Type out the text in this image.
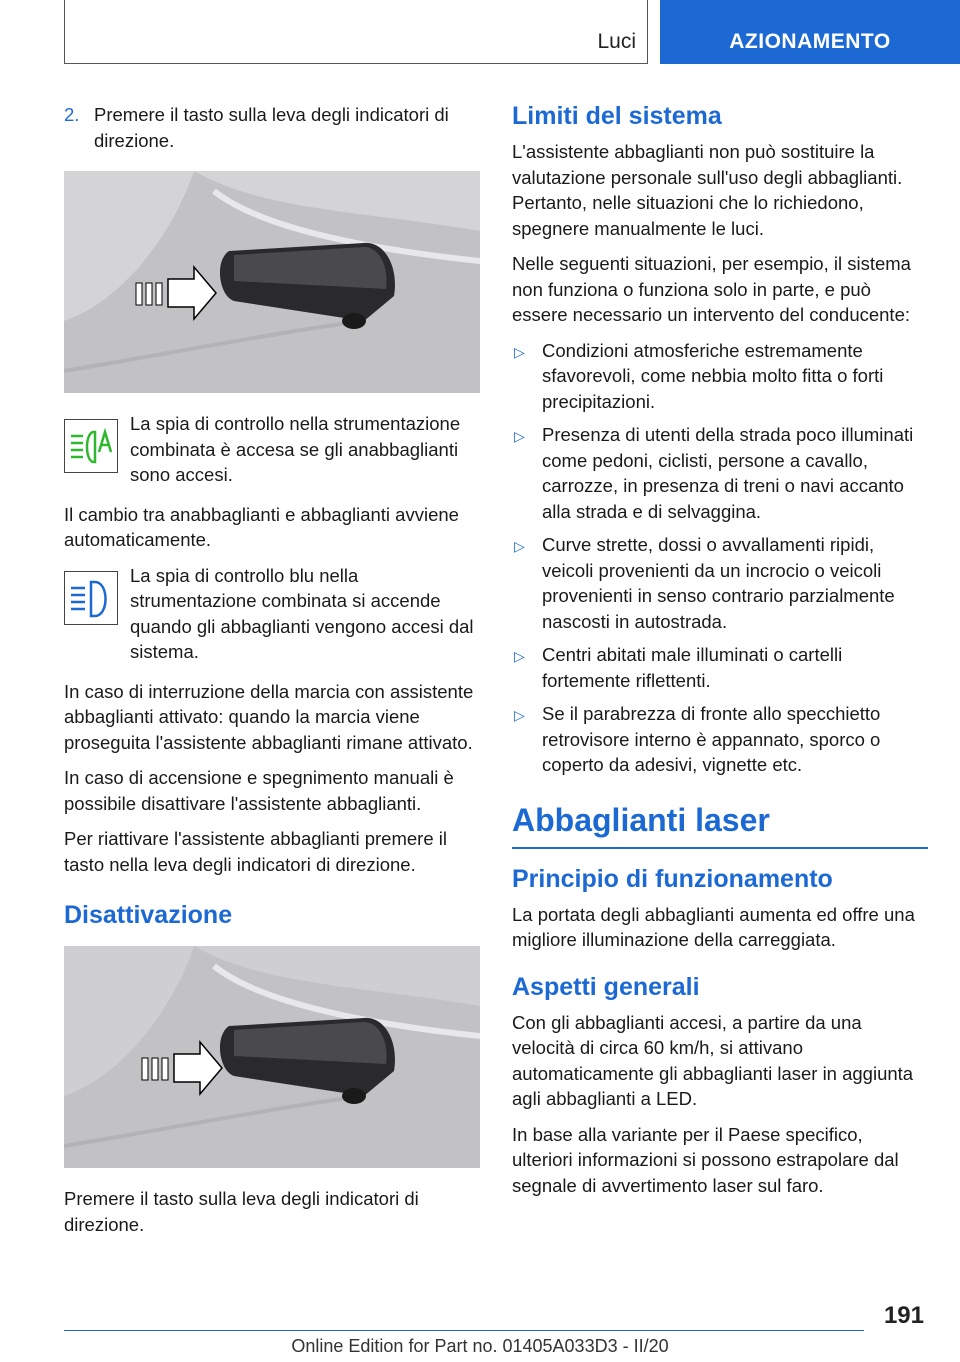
Luci	AZIONAMENTO
2. Premere il tasto sulla leva degli indicatori di direzione.
La spia di controllo nella strumentazione combinata è accesa se gli anabbaglianti sono accesi.

Il cambio tra anabbaglianti e abbaglianti avviene automaticamente.

La spia di controllo blu nella strumentazione combinata si accende quando gli abbaglianti vengono accesi dal sistema.

In caso di interruzione della marcia con assistente abbaglianti attivato: quando la marcia viene proseguita l'assistente abbaglianti rimane attivato.

In caso di accensione e spegnimento manuali è possibile disattivare l'assistente abbaglianti.

Per riattivare l'assistente abbaglianti premere il tasto nella leva degli indicatori di direzione.

Disattivazione

Premere il tasto sulla leva degli indicatori di direzione.

Limiti del sistema

L'assistente abbaglianti non può sostituire la valutazione personale sull'uso degli abbaglianti. Pertanto, nelle situazioni che lo richiedono, spegnere manualmente le luci.

Nelle seguenti situazioni, per esempio, il sistema non funziona o funziona solo in parte, e può essere necessario un intervento del conducente:

▷ Condizioni atmosferiche estremamente sfavorevoli, come nebbia molto fitta o forti precipitazioni.
▷ Presenza di utenti della strada poco illuminati come pedoni, ciclisti, persone a cavallo, carrozze, in presenza di treni o navi accanto alla strada e di selvaggina.
▷ Curve strette, dossi o avvallamenti ripidi, veicoli provenienti da un incrocio o veicoli provenienti in senso contrario parzialmente nascosti in autostrada.
▷ Centri abitati male illuminati o cartelli fortemente riflettenti.
▷ Se il parabrezza di fronte allo specchietto retrovisore interno è appannato, sporco o coperto da adesivi, vignette etc.
Abbaglianti laser
Principio di funzionamento

La portata degli abbaglianti aumenta ed offre una migliore illuminazione della carreggiata.

Aspetti generali

Con gli abbaglianti accesi, a partire da una velocità di circa 60 km/h, si attivano automaticamente gli abbaglianti laser in aggiunta agli abbaglianti a LED.

In base alla variante per il Paese specifico, ulteriori informazioni si possono estrapolare dal segnale di avvertimento laser sul faro.

191
Online Edition for Part no. 01405A033D3 - II/20
